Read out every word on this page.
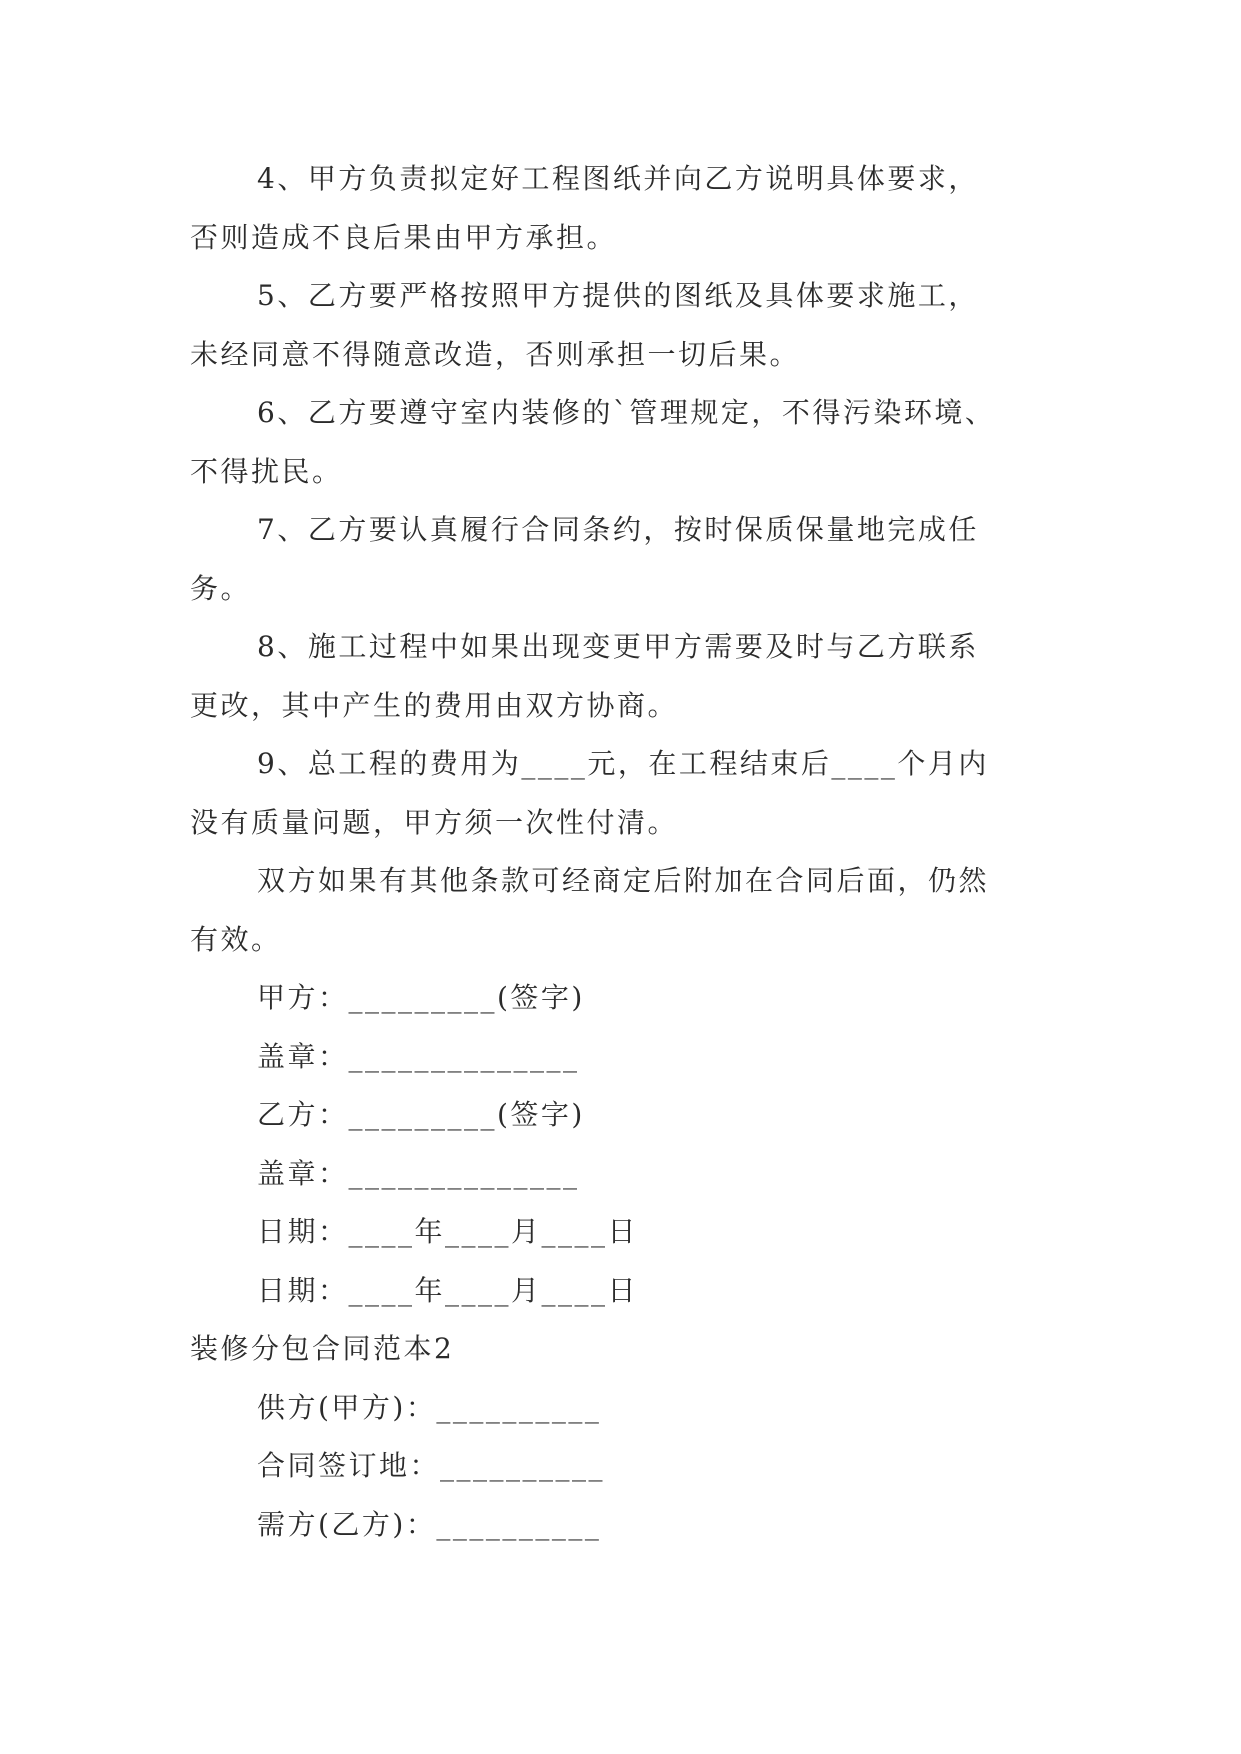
4、甲方负责拟定好工程图纸并向乙方说明具体要求，
否则造成不良后果由甲方承担。
5、乙方要严格按照甲方提供的图纸及具体要求施工，
未经同意不得随意改造，否则承担一切后果。
6、乙方要遵守室内装修的`管理规定，不得污染环境、
不得扰民。
7、乙方要认真履行合同条约，按时保质保量地完成任
务。
8、施工过程中如果出现变更甲方需要及时与乙方联系
更改，其中产生的费用由双方协商。
9、总工程的费用为____元，在工程结束后____个月内
没有质量问题，甲方须一次性付清。
双方如果有其他条款可经商定后附加在合同后面，仍然
有效。
甲方：_________(签字)
盖章：______________
乙方：_________(签字)
盖章：______________
日期：____年____月____日
日期：____年____月____日
装修分包合同范本2
供方(甲方)：__________
合同签订地：__________
需方(乙方)：__________
